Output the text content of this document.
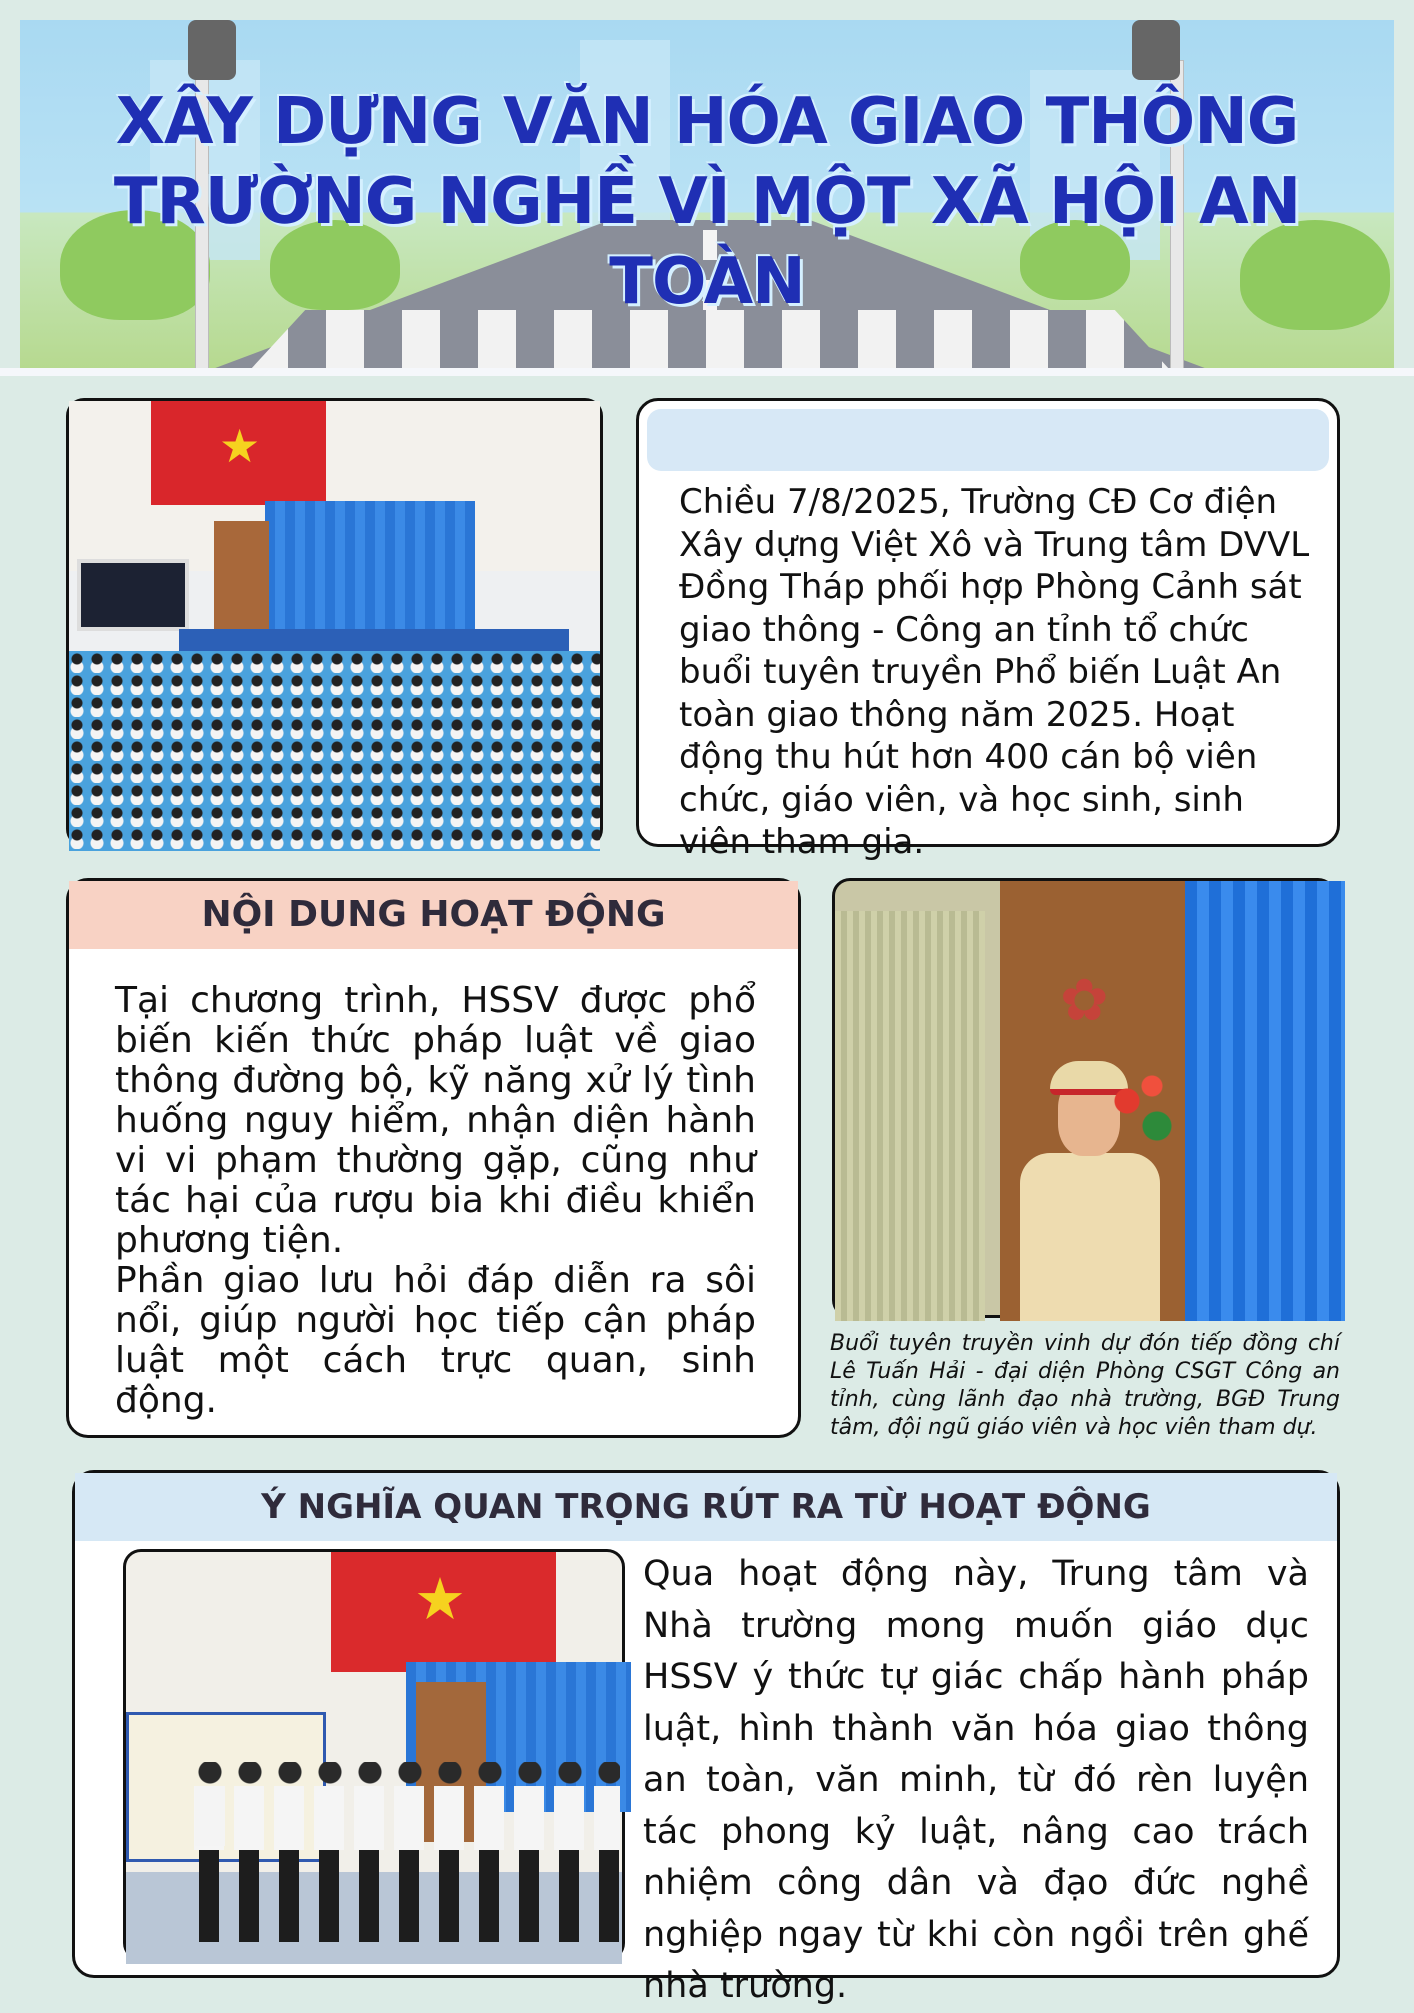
XÂY DỰNG VĂN HÓA GIAO THÔNG TRƯỜNG NGHỀ VÌ MỘT XÃ HỘI AN TOÀN
★

Chiều 7/8/2025, Trường CĐ Cơ điện Xây dựng Việt Xô và Trung tâm DVVL Đồng Tháp phối hợp Phòng Cảnh sát giao thông - Công an tỉnh tổ chức buổi tuyên truyền Phổ biến Luật An toàn giao thông năm 2025. Hoạt động thu hút hơn 400 cán bộ viên chức, giáo viên, và học sinh, sinh viên tham gia.

NỘI DUNG HOẠT ĐỘNG

Tại chương trình, HSSV được phổ biến kiến thức pháp luật về giao thông đường bộ, kỹ năng xử lý tình huống nguy hiểm, nhận diện hành vi vi phạm thường gặp, cũng như tác hại của rượu bia khi điều khiển phương tiện.

Phần giao lưu hỏi đáp diễn ra sôi nổi, giúp người học tiếp cận pháp luật một cách trực quan, sinh động.

✿

Buổi tuyên truyền vinh dự đón tiếp đồng chí Lê Tuấn Hải - đại diện Phòng CSGT Công an tỉnh, cùng lãnh đạo nhà trường, BGĐ Trung tâm, đội ngũ giáo viên và học viên tham dự.

Ý NGHĨA QUAN TRỌNG RÚT RA TỪ HOẠT ĐỘNG
★	Qua hoạt động này, Trung tâm và Nhà trường mong muốn giáo dục HSSV ý thức tự giác chấp hành pháp luật, hình thành văn hóa giao thông an toàn, văn minh, từ đó rèn luyện tác phong kỷ luật, nâng cao trách nhiệm công dân và đạo đức nghề nghiệp ngay từ khi còn ngồi trên ghế nhà trường.
